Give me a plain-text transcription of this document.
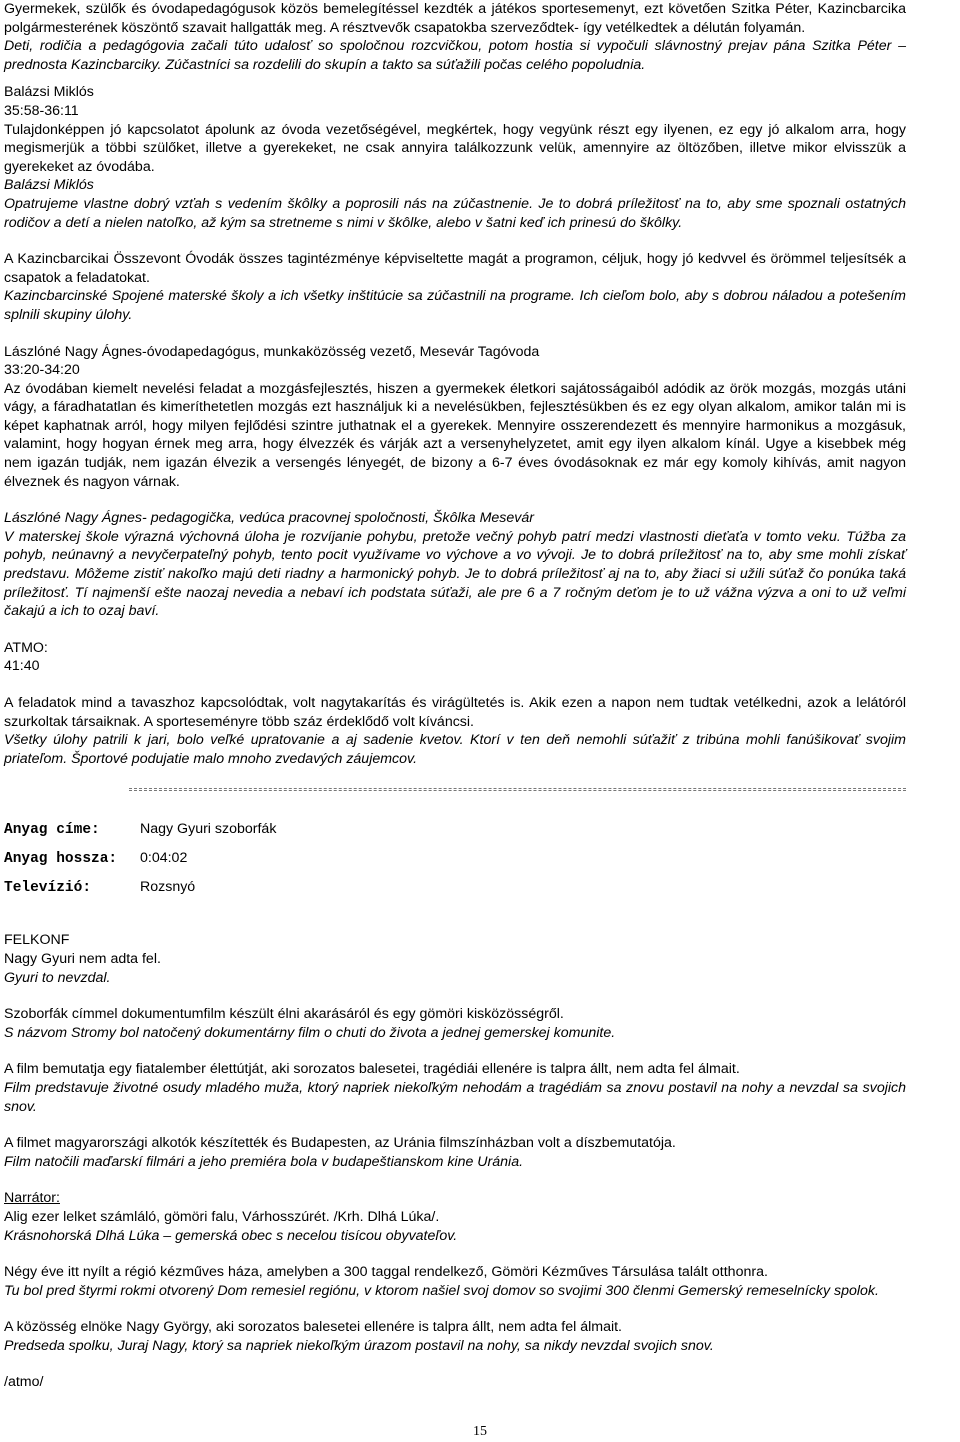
Gyermekek, szülők és óvodapedagógusok közös bemelegítéssel kezdték a játékos sportesemenyt, ezt követően Szitka Péter, Kazincbarcika polgármesterének köszöntő szavait hallgatták meg. A résztvevők csapatokba szerveződtek- így vetélkedtek a délután folyamán.

Deti, rodičia a pedagógovia začali túto udalosť so spoločnou rozcvičkou, potom hostia si vypočuli slávnostný prejav pána Szitka Péter – prednosta Kazincbarciky. Zúčastníci sa rozdelili do skupín a takto sa súťažili počas celého popoludnia.

Balázsi Miklós

35:58-36:11

Tulajdonképpen jó kapcsolatot ápolunk az óvoda vezetőségével, megkértek, hogy vegyünk részt egy ilyenen, ez egy jó alkalom arra, hogy megismerjük a többi szülőket, illetve a gyerekeket, ne csak annyira találkozzunk velük, amennyire az öltözőben, illetve mikor elvisszük a gyerekeket az óvodába.

Balázsi Miklós

Opatrujeme vlastne dobrý vzťah s vedením škôlky a poprosili nás na zúčastnenie. Je to dobrá príležitosť na to, aby sme spoznali ostatných rodičov a detí a nielen natoľko, až kým sa stretneme s nimi v škôlke, alebo v šatni keď ich prinesú do škôlky.

A Kazincbarcikai Összevont Óvodák összes tagintézménye képviseltette magát a programon, céljuk, hogy jó kedvvel és örömmel teljesítsék a csapatok a feladatokat.

Kazincbarcinské Spojené materské školy a ich všetky inštitúcie sa zúčastnili na programe. Ich cieľom bolo, aby s dobrou náladou a potešením splnili skupiny úlohy.

Lászlóné Nagy Ágnes-óvodapedagógus, munkaközösség vezető, Mesevár Tagóvoda

33:20-34:20

Az óvodában kiemelt nevelési feladat a mozgásfejlesztés, hiszen a gyermekek életkori sajátosságaiból adódik az örök mozgás, mozgás utáni vágy, a fáradhatatlan és kimeríthetetlen mozgás ezt használjuk ki a nevelésükben, fejlesztésükben és ez egy olyan alkalom, amikor talán mi is képet kaphatnak arról, hogy milyen fejlődési szintre juthatnak el a gyerekek. Mennyire osszerendezett és mennyire harmonikus a mozgásuk, valamint, hogy hogyan érnek meg arra, hogy élvezzék és várják azt a versenyhelyzetet, amit egy ilyen alkalom kínál. Ugye a kisebbek még nem igazán tudják, nem igazán élvezik a versengés lényegét, de bizony a 6-7 éves óvodásoknak ez már egy komoly kihívás, amit nagyon élveznek és nagyon várnak.

Lászlóné Nagy Ágnes- pedagogička, vedúca pracovnej spoločnosti, Škôlka Mesevár

V materskej škole výrazná výchovná úloha je rozvíjanie pohybu, pretože večný pohyb patrí medzi vlastnosti dieťaťa v tomto veku. Túžba za pohyb, neúnavný a nevyčerpateľný pohyb, tento pocit využívame vo výchove a vo vývoji. Je to dobrá príležitosť na to, aby sme mohli získať predstavu. Môžeme zistiť nakoľko majú deti riadny a harmonický pohyb. Je to dobrá príležitosť aj na to, aby žiaci si užili súťaž čo ponúka taká príležitosť. Tí najmenší ešte naozaj nevedia a nebaví ich podstata súťaži, ale pre 6 a 7 ročným deťom je to už vážna výzva a oni to už veľmi čakajú a ich to ozaj baví.

ATMO:

41:40

A feladatok mind a tavaszhoz kapcsolódtak, volt nagytakarítás és virágültetés is. Akik ezen a napon nem tudtak vetélkedni, azok a lelátóról szurkoltak társaiknak. A sporteseményre több száz érdeklődő volt kíváncsi.

Všetky úlohy patrili k jari, bolo veľké upratovanie a aj sadenie kvetov. Ktorí v ten deň nemohli súťažiť z tribúna mohli fanúšikovať svojim priateľom. Športové podujatie malo mnoho zvedavých záujemcov.

Anyag címe:	Nagy Gyuri szoborfák
Anyag hossza:	0:04:02
Televízió:	Rozsnyó

FELKONF

Nagy Gyuri nem adta fel.

Gyuri to nevzdal.

Szoborfák címmel dokumentumfilm készült élni akarásáról és egy gömöri kisközösségről.

S názvom Stromy bol natočený dokumentárny film o chuti do života a jednej gemerskej komunite.

A film bemutatja egy fiatalember élettútját, aki sorozatos balesetei, tragédiái ellenére is talpra állt, nem adta fel álmait.

Film predstavuje životné osudy mladého muža, ktorý napriek niekoľkým nehodám a tragédiám sa znovu postavil na nohy a nevzdal sa svojich snov.

A filmet magyarországi alkotók készítették és Budapesten, az Uránia filmszínházban volt a díszbemutatója.

Film natočili maďarskí filmári a jeho premiéra bola v budapeštianskom kine Uránia.

Narrátor:

Alig ezer lelket számláló, gömöri falu, Várhosszúrét. /Krh. Dlhá Lúka/.

Krásnohorská Dlhá Lúka – gemerská obec s necelou tisícou obyvateľov.

Négy éve itt nyílt a régió kézműves háza, amelyben a 300 taggal rendelkező, Gömöri Kézműves Társulása talált otthonra.

Tu bol pred štyrmi rokmi otvorený Dom remesiel regiónu, v ktorom našiel svoj domov so svojimi 300 členmi Gemerský remeselnícky spolok.

A közösség elnöke Nagy György, aki sorozatos balesetei ellenére is talpra állt, nem adta fel álmait.

Predseda spolku, Juraj Nagy, ktorý sa napriek niekoľkým úrazom postavil na nohy, sa nikdy nevzdal svojich snov.

/atmo/

15
